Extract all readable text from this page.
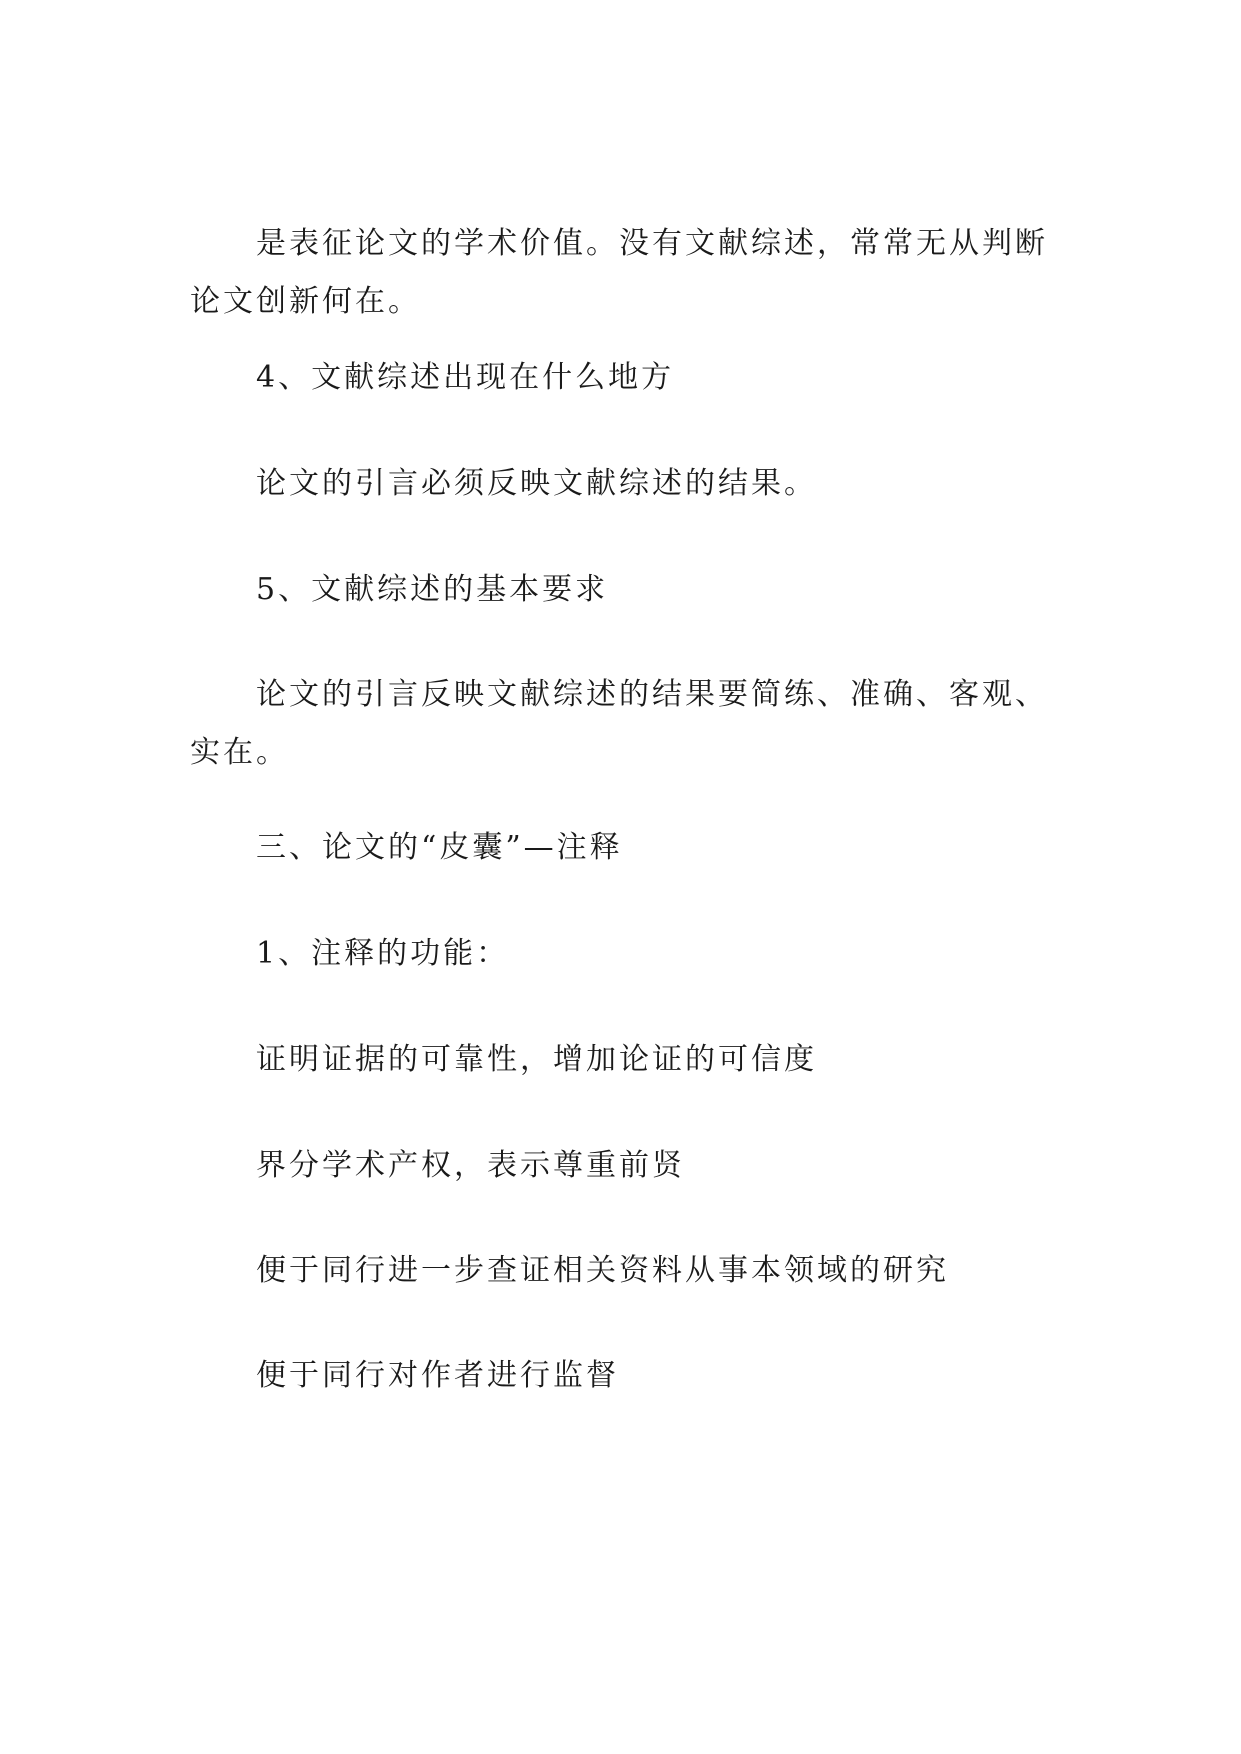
是表征论文的学术价值。没有文献综述，常常无从判断论文创新何在。

4、文献综述出现在什么地方

论文的引言必须反映文献综述的结果。

5、文献综述的基本要求

论文的引言反映文献综述的结果要简练、准确、客观、实在。

三、论文的“皮囊”—注释

1、注释的功能：

证明证据的可靠性，增加论证的可信度

界分学术产权，表示尊重前贤

便于同行进一步查证相关资料从事本领域的研究

便于同行对作者进行监督
